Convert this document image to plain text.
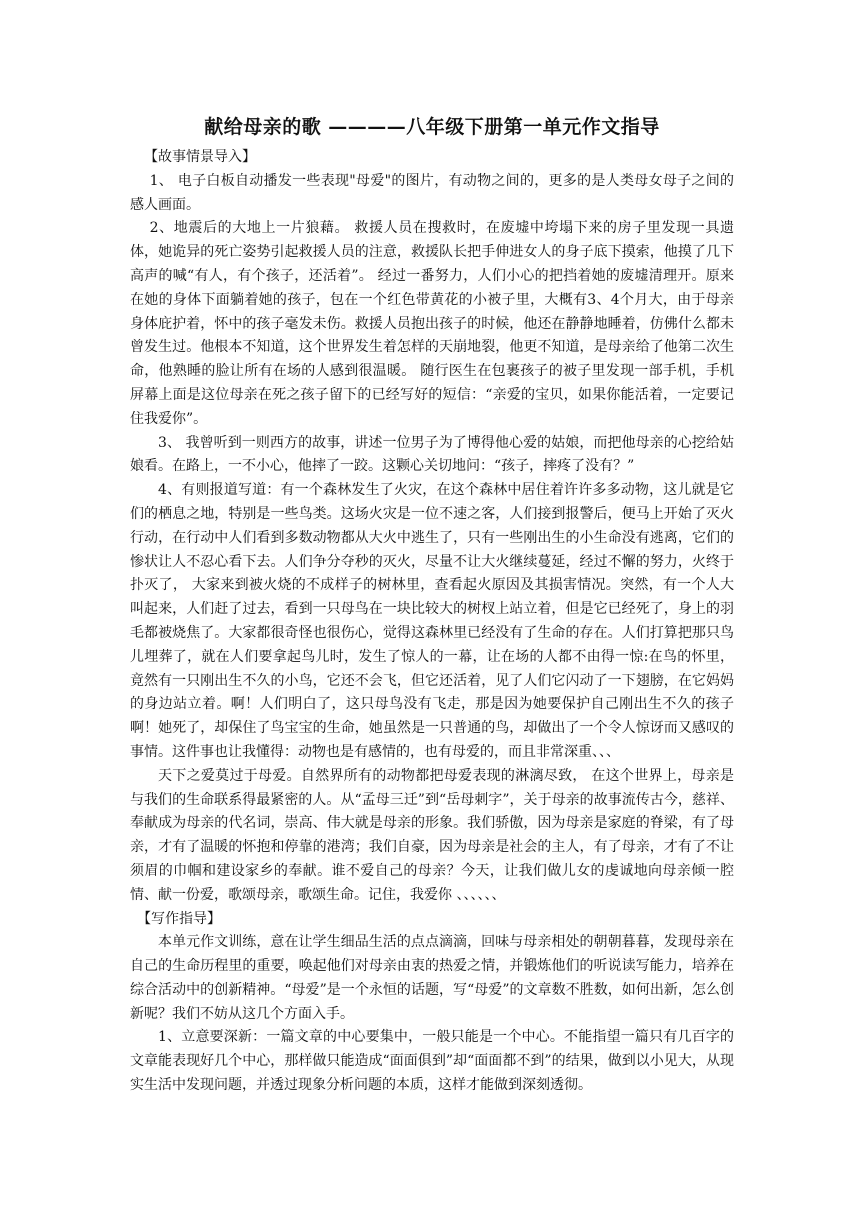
献给母亲的歌 ————八年级下册第一单元作文指导

【故事情景导入】

1、 电子白板自动播发一些表现"母爱"的图片，有动物之间的，更多的是人类母女母子之间的感人画面。

2、地震后的大地上一片狼藉。 救援人员在搜救时，在废墟中垮塌下来的房子里发现一具遗体，她诡异的死亡姿势引起救援人员的注意，救援队长把手伸进女人的身子底下摸索，他摸了几下高声的喊“有人，有个孩子，还活着”。 经过一番努力，人们小心的把挡着她的废墟清理开。原来在她的身体下面躺着她的孩子，包在一个红色带黄花的小被子里，大概有3、4个月大，由于母亲身体庇护着，怀中的孩子毫发未伤。救援人员抱出孩子的时候，他还在静静地睡着，仿佛什么都未曾发生过。他根本不知道，这个世界发生着怎样的天崩地裂，他更不知道，是母亲给了他第二次生命，他熟睡的脸让所有在场的人感到很温暖。 随行医生在包裹孩子的被子里发现一部手机，手机屏幕上面是这位母亲在死之孩子留下的已经写好的短信：“亲爱的宝贝，如果你能活着，一定要记住我爱你”。

3、 我曾听到一则西方的故事，讲述一位男子为了博得他心爱的姑娘，而把他母亲的心挖给姑娘看。在路上，一不小心，他摔了一跤。这颗心关切地问：“孩子，摔疼了没有？”

4、有则报道写道：有一个森林发生了火灾，在这个森林中居住着许许多多动物，这儿就是它们的栖息之地，特别是一些鸟类。这场火灾是一位不速之客，人们接到报警后，便马上开始了灭火行动，在行动中人们看到多数动物都从大火中逃生了，只有一些刚出生的小生命没有逃离，它们的惨状让人不忍心看下去。人们争分夺秒的灭火，尽量不让大火继续蔓延，经过不懈的努力，火终于扑灭了， 大家来到被火烧的不成样子的树林里，查看起火原因及其损害情况。突然，有一个人大叫起来，人们赶了过去，看到一只母鸟在一块比较大的树杈上站立着，但是它已经死了，身上的羽毛都被烧焦了。大家都很奇怪也很伤心，觉得这森林里已经没有了生命的存在。人们打算把那只鸟儿埋葬了，就在人们要拿起鸟儿时，发生了惊人的一幕，让在场的人都不由得一惊:在鸟的怀里，竟然有一只刚出生不久的小鸟，它还不会飞，但它还活着，见了人们它闪动了一下翅膀，在它妈妈的身边站立着。啊！人们明白了，这只母鸟没有飞走，那是因为她要保护自己刚出生不久的孩子啊！她死了，却保住了鸟宝宝的生命，她虽然是一只普通的鸟，却做出了一个令人惊讶而又感叹的事情。这件事也让我懂得：动物也是有感情的，也有母爱的，而且非常深重、、、

天下之爱莫过于母爱。自然界所有的动物都把母爱表现的淋漓尽致， 在这个世界上，母亲是与我们的生命联系得最紧密的人。从“孟母三迁”到“岳母刺字”，关于母亲的故事流传古今，慈祥、奉献成为母亲的代名词，崇高、伟大就是母亲的形象。我们骄傲，因为母亲是家庭的脊梁，有了母亲，才有了温暖的怀抱和停靠的港湾；我们自豪，因为母亲是社会的主人，有了母亲，才有了不让须眉的巾帼和建设家乡的奉献。谁不爱自己的母亲？今天，让我们做儿女的虔诚地向母亲倾一腔情、献一份爱，歌颂母亲，歌颂生命。记住，我爱你 、、、、、、

【写作指导】

本单元作文训练，意在让学生细品生活的点点滴滴，回味与母亲相处的朝朝暮暮，发现母亲在自己的生命历程里的重要，唤起他们对母亲由衷的热爱之情，并锻炼他们的听说读写能力，培养在综合活动中的创新精神。“母爱”是一个永恒的话题，写“母爱”的文章数不胜数，如何出新，怎么创新呢？我们不妨从这几个方面入手。

1、立意要深新：一篇文章的中心要集中，一般只能是一个中心。不能指望一篇只有几百字的文章能表现好几个中心，那样做只能造成“面面俱到”却“面面都不到”的结果，做到以小见大，从现实生活中发现问题，并透过现象分析问题的本质，这样才能做到深刻透彻。
